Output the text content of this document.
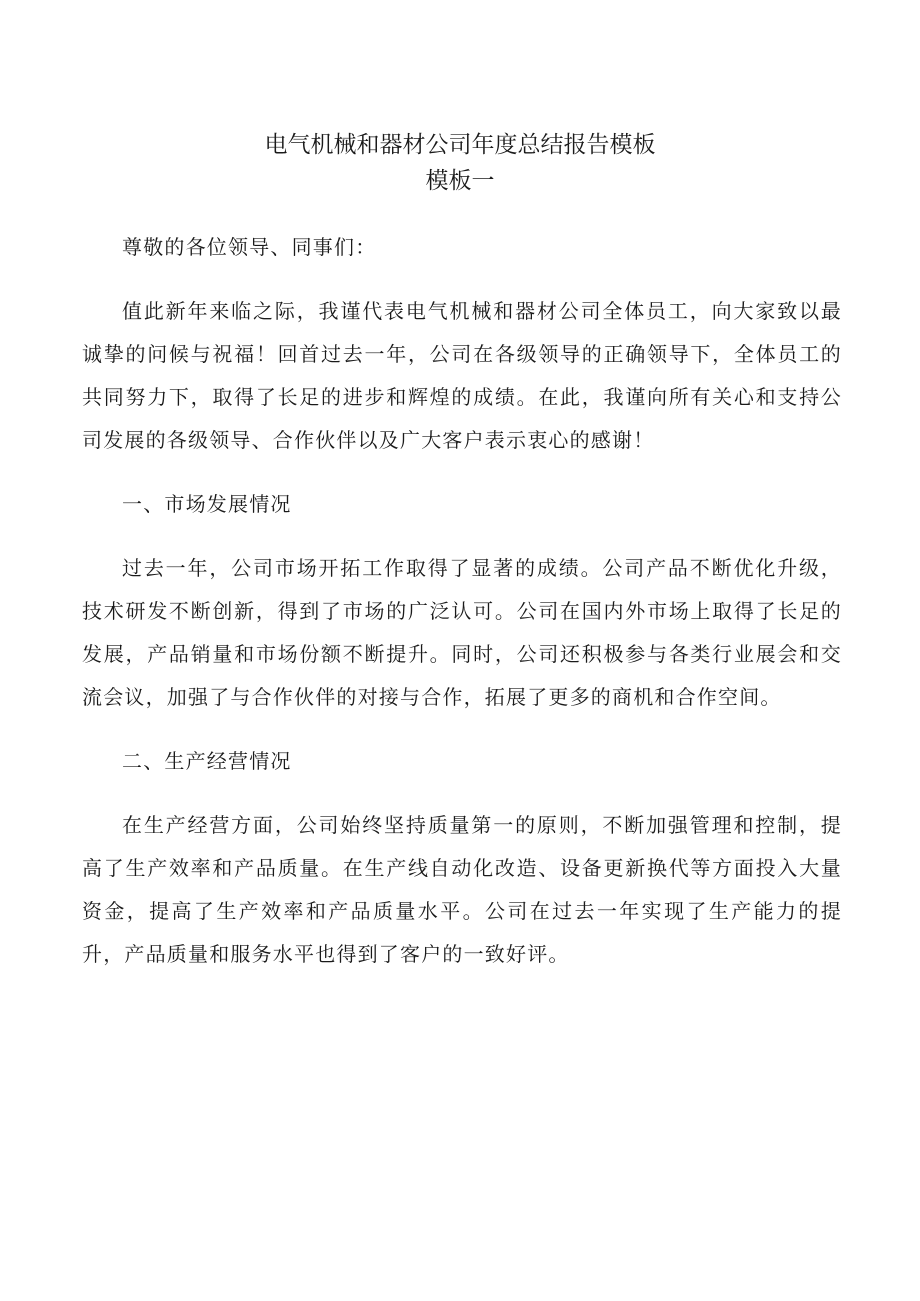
电气机械和器材公司年度总结报告模板
模板一

尊敬的各位领导、同事们：

值此新年来临之际，我谨代表电气机械和器材公司全体员工，向大家致以最诚挚的问候与祝福！回首过去一年，公司在各级领导的正确领导下，全体员工的共同努力下，取得了长足的进步和辉煌的成绩。在此，我谨向所有关心和支持公司发展的各级领导、合作伙伴以及广大客户表示衷心的感谢！

一、市场发展情况

过去一年，公司市场开拓工作取得了显著的成绩。公司产品不断优化升级，技术研发不断创新，得到了市场的广泛认可。公司在国内外市场上取得了长足的发展，产品销量和市场份额不断提升。同时，公司还积极参与各类行业展会和交流会议，加强了与合作伙伴的对接与合作，拓展了更多的商机和合作空间。

二、生产经营情况

在生产经营方面，公司始终坚持质量第一的原则，不断加强管理和控制，提高了生产效率和产品质量。在生产线自动化改造、设备更新换代等方面投入大量资金，提高了生产效率和产品质量水平。公司在过去一年实现了生产能力的提升，产品质量和服务水平也得到了客户的一致好评。
